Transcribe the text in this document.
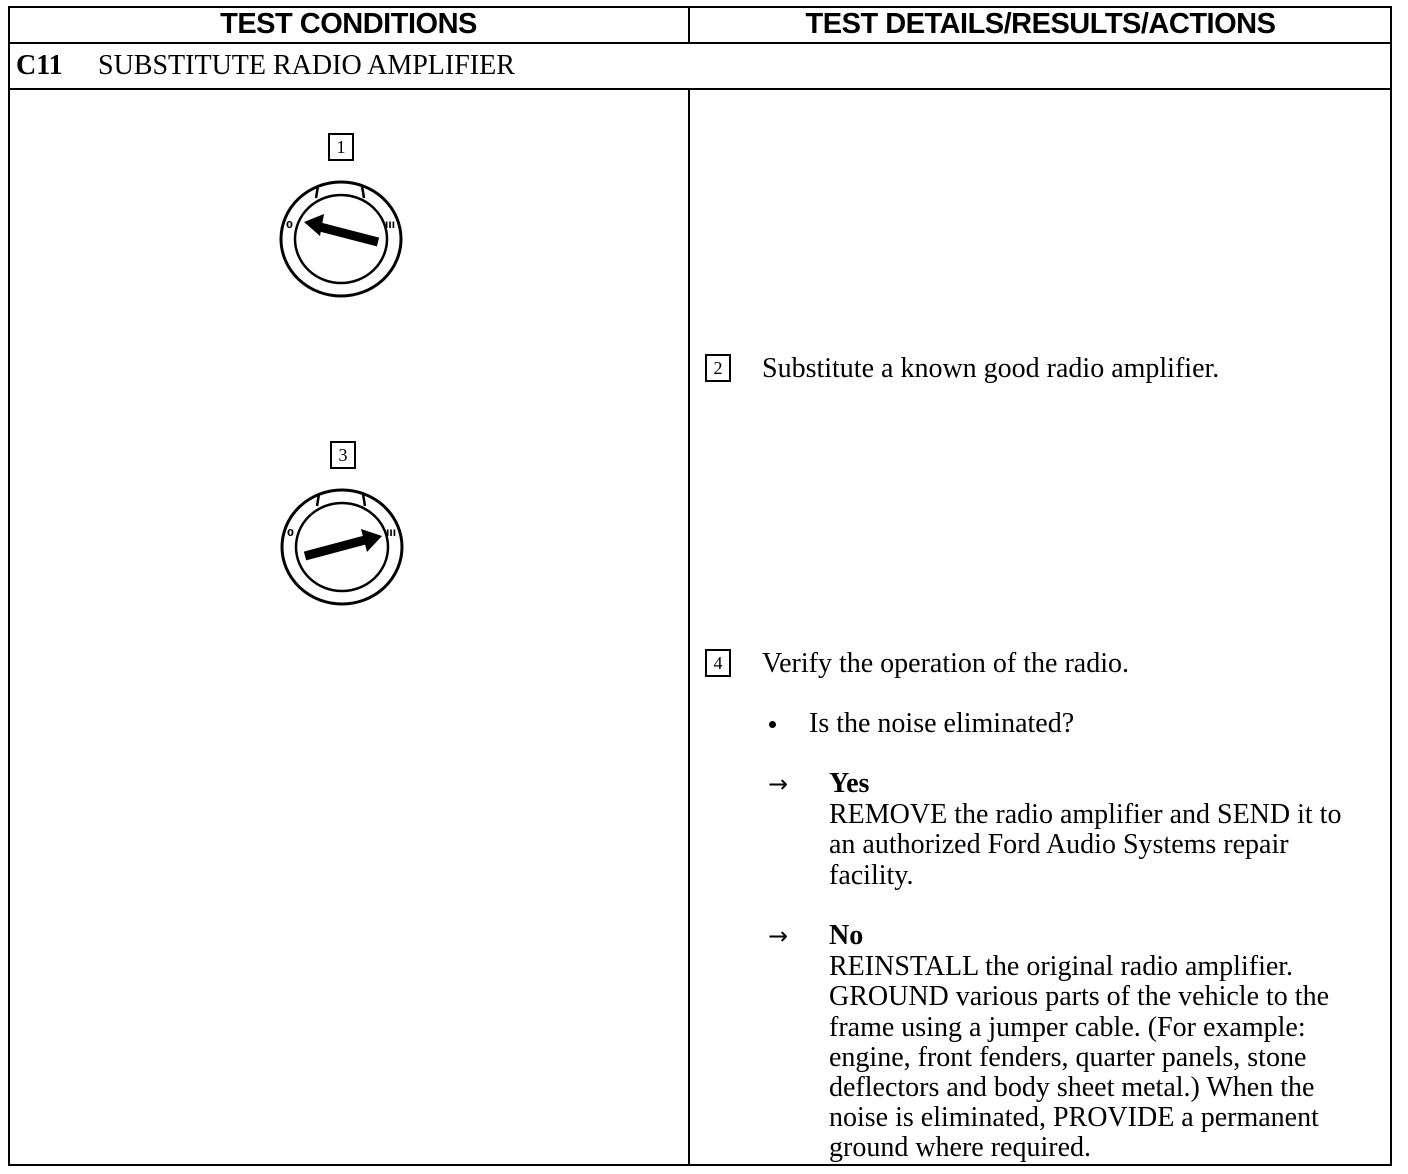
TEST CONDITIONS	TEST DETAILS/RESULTS/ACTIONS
C11 SUBSTITUTE RADIO AMPLIFIER
1
0	III
3
0	III
2	Substitute a known good radio amplifier.
4	Verify the operation of the radio.
Is the noise eliminated?
→ Yes
REMOVE the radio amplifier and SEND it to
an authorized Ford Audio Systems repair
facility.
→ No
REINSTALL the original radio amplifier.
GROUND various parts of the vehicle to the
frame using a jumper cable. (For example:
engine, front fenders, quarter panels, stone
deflectors and body sheet metal.) When the
noise is eliminated, PROVIDE a permanent
ground where required.
